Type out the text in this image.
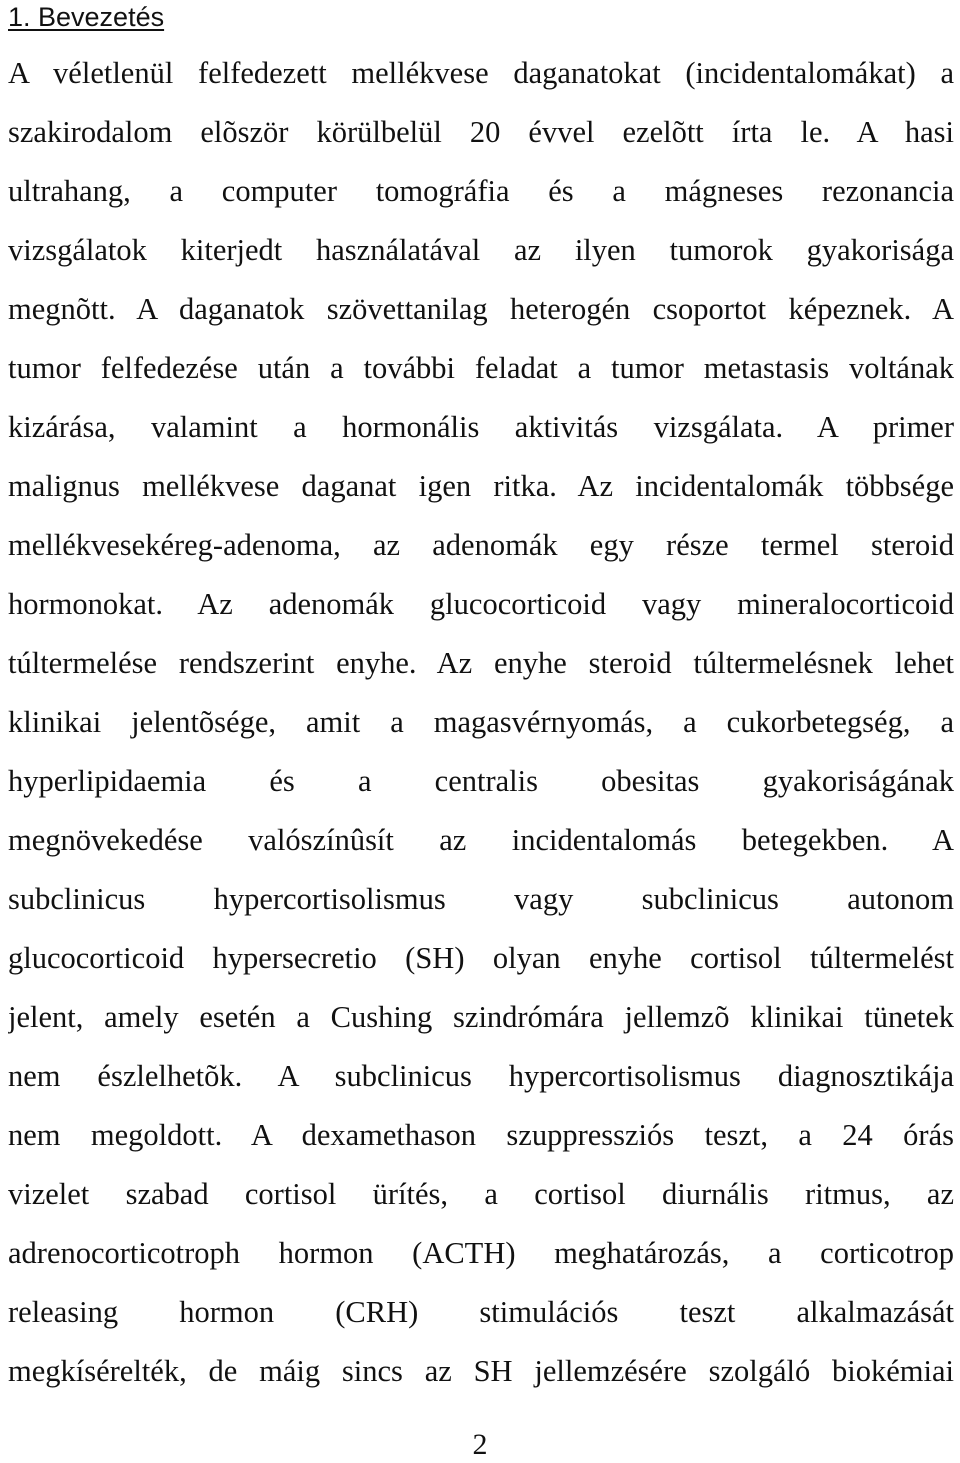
1. Bevezetés
A véletlenül felfedezett mellékvese daganatokat (incidentalomákat) a
szakirodalom elõször körülbelül 20 évvel ezelõtt írta le. A hasi
ultrahang, a computer tomográfia és a mágneses rezonancia
vizsgálatok kiterjedt használatával az ilyen tumorok gyakorisága
megnõtt. A daganatok szövettanilag heterogén csoportot képeznek. A
tumor felfedezése után a további feladat a tumor metastasis voltának
kizárása, valamint a hormonális aktivitás vizsgálata. A primer
malignus mellékvese daganat igen ritka. Az incidentalomák többsége
mellékvesekéreg-adenoma, az adenomák egy része termel steroid
hormonokat. Az adenomák glucocorticoid vagy mineralocorticoid
túltermelése rendszerint enyhe. Az enyhe steroid túltermelésnek lehet
klinikai jelentõsége, amit a magasvérnyomás, a cukorbetegség, a
hyperlipidaemia és a centralis obesitas gyakoriságának
megnövekedése valószínûsít az incidentalomás betegekben. A
subclinicus hypercortisolismus vagy subclinicus autonom
glucocorticoid hypersecretio (SH) olyan enyhe cortisol túltermelést
jelent, amely esetén a Cushing szindrómára jellemzõ klinikai tünetek
nem észlelhetõk. A subclinicus hypercortisolismus diagnosztikája
nem megoldott. A dexamethason szuppressziós teszt, a 24 órás
vizelet szabad cortisol ürítés, a cortisol diurnális ritmus, az
adrenocorticotroph hormon (ACTH) meghatározás, a corticotrop
releasing hormon (CRH) stimulációs teszt alkalmazását
megkísérelték, de máig sincs az SH jellemzésére szolgáló biokémiai
2
